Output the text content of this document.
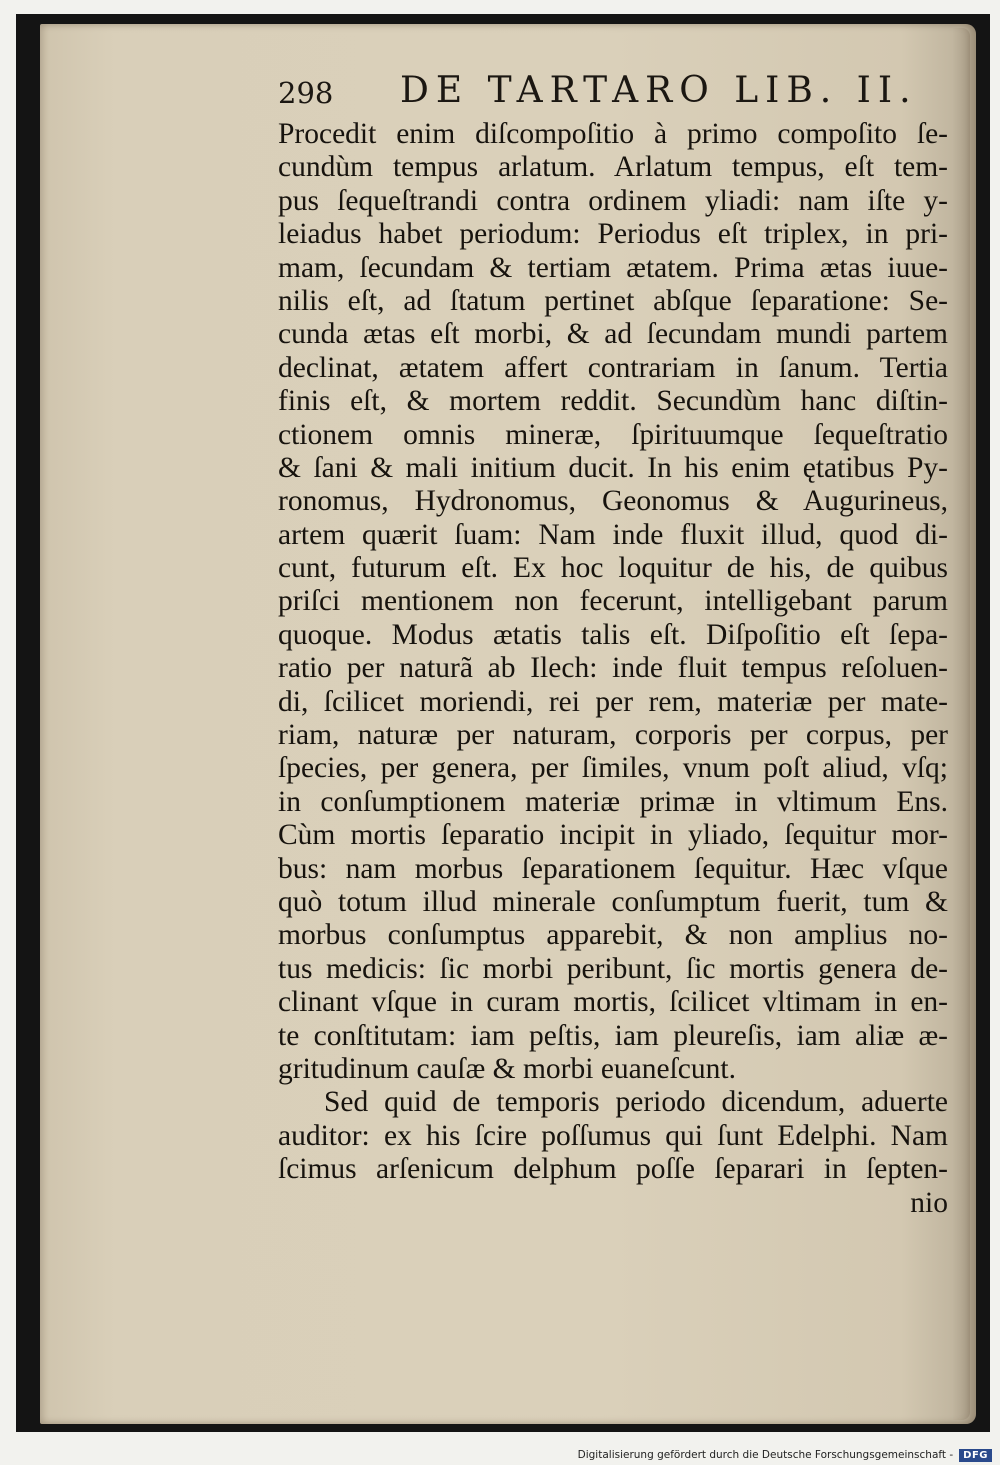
298 DE TARTARO LIB. II.
Procedit enim diſcompoſitio à primo compoſito ſe-
cundùm tempus arlatum. Arlatum tempus, eſt tem-
pus ſequeſtrandi contra ordinem yliadi: nam iſte y-
leiadus habet periodum: Periodus eſt triplex, in pri-
mam, ſecundam & tertiam ætatem. Prima ætas iuue-
nilis eſt, ad ſtatum pertinet abſque ſeparatione: Se-
cunda ætas eſt morbi, & ad ſecundam mundi partem
declinat, ætatem affert contrariam in ſanum. Tertia
finis eſt, & mortem reddit. Secundùm hanc diſtin-
ctionem omnis mineræ, ſpirituumque ſequeſtratio
& ſani & mali initium ducit. In his enim ętatibus Py-
ronomus, Hydronomus, Geonomus & Augurineus,
artem quærit ſuam: Nam inde fluxit illud, quod di-
cunt, futurum eſt. Ex hoc loquitur de his, de quibus
priſci mentionem non fecerunt, intelligebant parum
quoque. Modus ætatis talis eſt. Diſpoſitio eſt ſepa-
ratio per naturã ab Ilech: inde fluit tempus reſoluen-
di, ſcilicet moriendi, rei per rem, materiæ per mate-
riam, naturæ per naturam, corporis per corpus, per
ſpecies, per genera, per ſimiles, vnum poſt aliud, vſq;
in conſumptionem materiæ primæ in vltimum Ens.
Cùm mortis ſeparatio incipit in yliado, ſequitur mor-
bus: nam morbus ſeparationem ſequitur. Hæc vſque
quò totum illud minerale conſumptum fuerit, tum &
morbus conſumptus apparebit, & non amplius no-
tus medicis: ſic morbi peribunt, ſic mortis genera de-
clinant vſque in curam mortis, ſcilicet vltimam in en-
te conſtitutam: iam peſtis, iam pleureſis, iam aliæ æ-
gritudinum cauſæ & morbi euaneſcunt.
Sed quid de temporis periodo dicendum, aduerte
auditor: ex his ſcire poſſumus qui ſunt Edelphi. Nam
ſcimus arſenicum delphum poſſe ſeparari in ſepten-
nio
Digitalisierung gefördert durch die Deutsche Forschungsgemeinschaft -	DFG
